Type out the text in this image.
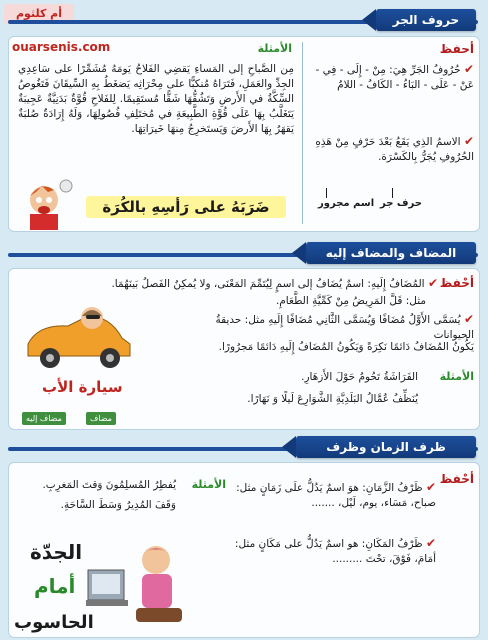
أم كلثوم	حروف الجر
ouarsenis.com	أحفظ
الأمثلة
✔ حُرُوفُ الجَرِّ هِيَ: مِنْ - إِلَى - فِي - عَنْ - عَلَى - البَاءُ - الكَافُ - اللامُ
✔ الاسمُ الذِي يَقَعُ بَعْدَ حَرْفٍ مِنْ هَذِهِ الحُرُوفِ يُجَرُّ بِالكَسْرَة.
مِن الصَّباحِ إلى المَساءِ يَقضِي الفَلاحُ يَومَهُ مُشَمِّرًا على سَاعِدِي الجِدِّ والعَمَلِ، فَتَرَاهُ مُنكبًّا على مِحْرَاثِه يَضغَطُ بِهِ السِّيقَانَ فَتَغُوصُ السِّكَّةُ في الأَرضِ وَتَشُقُّهَا شَقًّا مُستَقِيمًا. لِلفَلاحِ قُوَّةٌ بَدَنِيَّةٌ عَجِيبَةٌ يَتَغَلَّبُ بِهَا عَلَى قُوَّةِ الطَّبِيعَةِ في مُختَلِفِ فُصُولِهَا، وَلَهُ إِرَادَةٌ صُلبَةٌ يَقهَرُ بِهَا الأَرضَ وَيَستَخرِجُ مِنهَا خَيرَاتِهَا.
ضَرَبَهُ على رَأسِهِ بالكُرَة	حرف جر
اسم مجرور
المضاف والمضاف إليه
أحْفظ
✔ المُضَافُ إِلَيهِ: اسمٌ يُضَافُ إلى اسمٍ لِيُتَمِّمَ المَعْنَى، ولا يُمكِنُ الفَصلُ بَينَهُمَا.
مثل: قَلَّ المَرِيضُ مِنْ كَمِّيَّةِ الطَّعَامِ.
✔ يُسَمَّى الأَوَّلُ مُضَافًا وَيُسَمَّى الثَّانِي مُضَافًا إِلَيهِ مثل: حديقةُ الحيوانات
يَكُونُ المُضَافُ دَائمًا نَكِرَةً وَيَكُونُ المُضَافُ إِلَيهِ دَائمًا مَجرُورًا.
الأمثلة
الفَرَاشَةُ تَحُومُ حَوْلَ الأَزهَارِ.
يُنَظِّفُ عُمَّالُ البَلَدِيَّةِ الشَّوَارِعَ لَيلًا وَ نَهَارًا.
سيارة الأب
مضاف
مضاف إليه
ظرف الزمان وظرف
أحْفظ
الأمثلة	✔ ظَرْفُ الزَّمَانِ: هوَ اسمٌ يَدُلُّ علَى زَمَانٍ مثل: صباح، مَسَاء، يوم، لَيْل، .......
✔ ظَرْفُ المَكَانِ: هو اسمٌ يَدُلُّ على مَكَانٍ مثل: أمَامَ، فَوْقَ، تحْتَ .........
يُفطِرُ المُسلِمُونَ وَقتَ المَغرِبِ.
وَقَفَ المُدِيرُ وَسَطَ السَّاحَةِ.
الجدّة
أمام
الحاسوب
